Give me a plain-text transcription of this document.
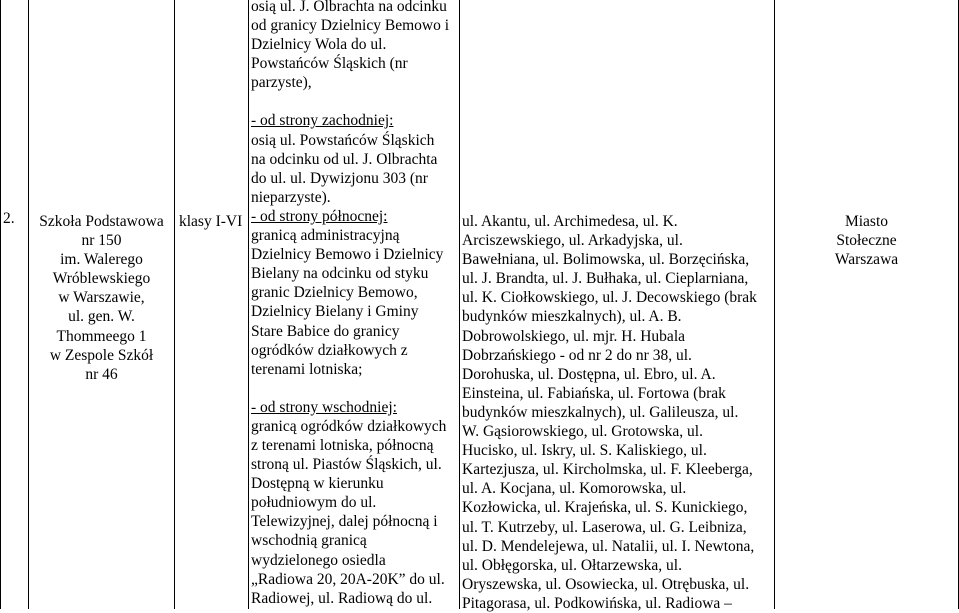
2.	Szkoła Podstawowa
nr 150
im. Walerego
Wróblewskiego
w Warszawie,
ul. gen. W.
Thommeego 1
w Zespole Szkół
nr 46
klasy I-VI
osią ul. J. Olbrachta na odcinku
od granicy Dzielnicy Bemowo i
Dzielnicy Wola do ul.
Powstańców Śląskich (nr
parzyste),
- od strony zachodniej:
osią ul. Powstańców Śląskich
na odcinku od ul. J. Olbrachta
do ul. ul. Dywizjonu 303 (nr
nieparzyste).
- od strony północnej:
granicą administracyjną
Dzielnicy Bemowo i Dzielnicy
Bielany na odcinku od styku
granic Dzielnicy Bemowo,
Dzielnicy Bielany i Gminy
Stare Babice do granicy
ogródków działkowych z
terenami lotniska;
- od strony wschodniej:
granicą ogródków działkowych
z terenami lotniska, północną
stroną ul. Piastów Śląskich, ul.
Dostępną w kierunku
południowym do ul.
Telewizyjnej, dalej północną i
wschodnią granicą
wydzielonego osiedla
„Radiowa 20, 20A-20K” do ul.
Radiowej, ul. Radiową do ul.
ul. Akantu, ul. Archimedesa, ul. K.
Arciszewskiego, ul. Arkadyjska, ul.
Bawełniana, ul. Bolimowska, ul. Borzęcińska,
ul. J. Brandta, ul. J. Bułhaka, ul. Cieplarniana,
ul. K. Ciołkowskiego, ul. J. Decowskiego (brak
budynków mieszkalnych), ul. A. B.
Dobrowolskiego, ul. mjr. H. Hubala
Dobrzańskiego - od nr 2 do nr 38, ul.
Dorohuska, ul. Dostępna, ul. Ebro, ul. A.
Einsteina, ul. Fabiańska, ul. Fortowa (brak
budynków mieszkalnych), ul. Galileusza, ul.
W. Gąsiorowskiego, ul. Grotowska, ul.
Hucisko, ul. Iskry, ul. S. Kaliskiego, ul.
Kartezjusza, ul. Kircholmska, ul. F. Kleeberga,
ul. A. Kocjana, ul. Komorowska, ul.
Kozłowicka, ul. Krajeńska, ul. S. Kunickiego,
ul. T. Kutrzeby, ul. Laserowa, ul. G. Leibniza,
ul. D. Mendelejewa, ul. Natalii, ul. I. Newtona,
ul. Obłęgorska, ul. Ołtarzewska, ul.
Oryszewska, ul. Osowiecka, ul. Otrębuska, ul.
Pitagorasa, ul. Podkowińska, ul. Radiowa –
Miasto
Stołeczne
Warszawa
